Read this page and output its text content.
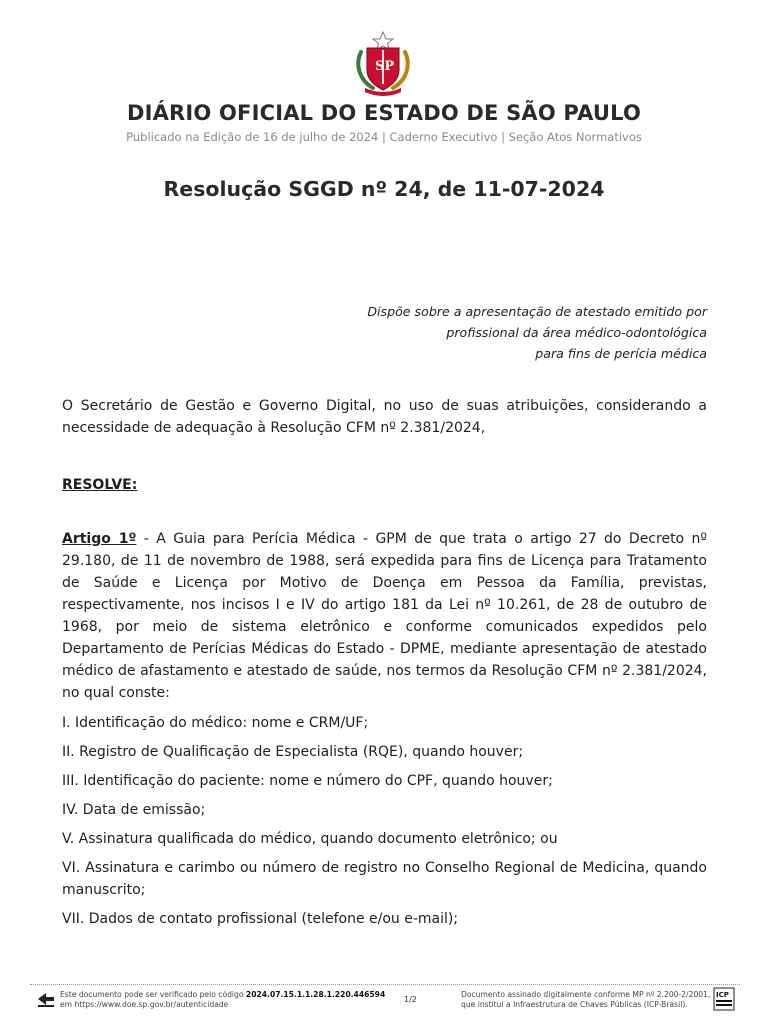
SP
DIÁRIO OFICIAL DO ESTADO DE SÃO PAULO
Publicado na Edição de 16 de julho de 2024 | Caderno Executivo | Seção Atos Normativos
Resolução SGGD nº 24, de 11-07-2024
Dispõe sobre a apresentação de atestado emitido por profissional da área médico-odontológica
para fins de perícia médica
O Secretário de Gestão e Governo Digital, no uso de suas atribuições, considerando a necessidade de adequação à Resolução CFM nº 2.381/2024,
RESOLVE:
Artigo 1º - A Guia para Perícia Médica - GPM de que trata o artigo 27 do Decreto nº 29.180, de 11 de novembro de 1988, será expedida para fins de Licença para Tratamento de Saúde e Licença por Motivo de Doença em Pessoa da Família, previstas, respectivamente, nos incisos I e IV do artigo 181 da Lei nº 10.261, de 28 de outubro de 1968, por meio de sistema eletrônico e conforme comunicados expedidos pelo Departamento de Perícias Médicas do Estado - DPME, mediante apresentação de atestado médico de afastamento e atestado de saúde, nos termos da Resolução CFM nº 2.381/2024, no qual conste:
I. Identificação do médico: nome e CRM/UF;
II. Registro de Qualificação de Especialista (RQE), quando houver;
III. Identificação do paciente: nome e número do CPF, quando houver;
IV. Data de emissão;
V. Assinatura qualificada do médico, quando documento eletrônico; ou
VI. Assinatura e carimbo ou número de registro no Conselho Regional de Medicina, quando manuscrito;
VII. Dados de contato profissional (telefone e/ou e-mail);
Este documento pode ser verificado pelo código 2024.07.15.1.1.28.1.220.446594
em https://www.doe.sp.gov.br/autenticidade
1/2
Documento assinado digitalmente conforme MP nº 2.200-2/2001,
que institui a Infraestrutura de Chaves Públicas (ICP-Brasil).
ICP
